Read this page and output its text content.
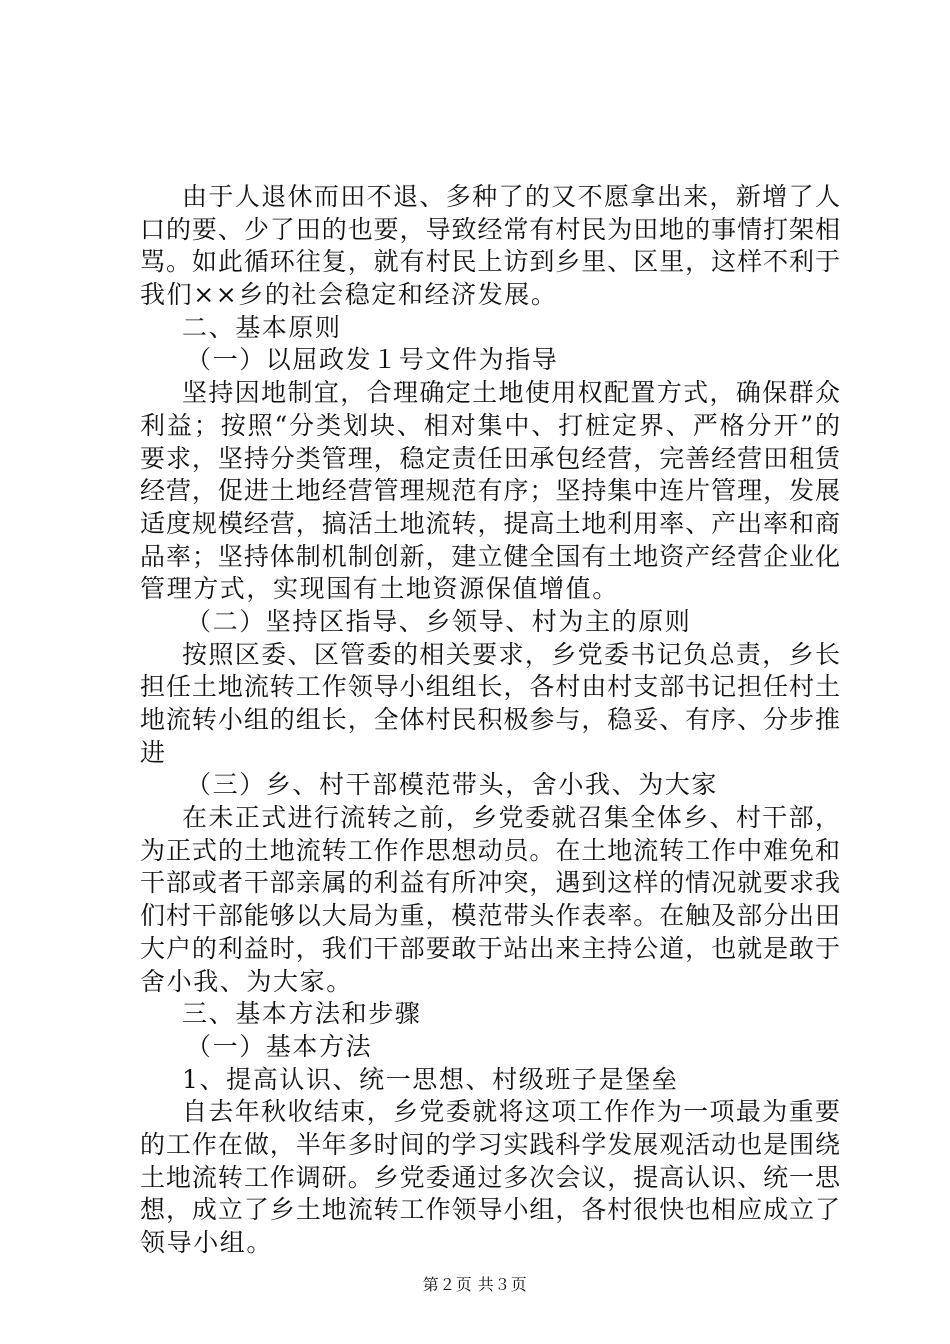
由于人退休而田不退、多种了的又不愿拿出来，新增了人
口的要、少了田的也要，导致经常有村民为田地的事情打架相
骂。如此循环往复，就有村民上访到乡里、区里，这样不利于
我们××乡的社会稳定和经济发展。
二、基本原则
（一）以屈政发１号文件为指导
坚持因地制宜，合理确定土地使用权配置方式，确保群众
利益；按照“分类划块、相对集中、打桩定界、严格分开”的
要求，坚持分类管理，稳定责任田承包经营，完善经营田租赁
经营，促进土地经营管理规范有序；坚持集中连片管理，发展
适度规模经营，搞活土地流转，提高土地利用率、产出率和商
品率；坚持体制机制创新，建立健全国有土地资产经营企业化
管理方式，实现国有土地资源保值增值。
（二）坚持区指导、乡领导、村为主的原则
按照区委、区管委的相关要求，乡党委书记负总责，乡长
担任土地流转工作领导小组组长，各村由村支部书记担任村土
地流转小组的组长，全体村民积极参与，稳妥、有序、分步推
进
（三）乡、村干部模范带头，舍小我、为大家
在未正式进行流转之前，乡党委就召集全体乡、村干部，
为正式的土地流转工作作思想动员。在土地流转工作中难免和
干部或者干部亲属的利益有所冲突，遇到这样的情况就要求我
们村干部能够以大局为重，模范带头作表率。在触及部分出田
大户的利益时，我们干部要敢于站出来主持公道，也就是敢于
舍小我、为大家。
三、基本方法和步骤
（一）基本方法
1、提高认识、统一思想、村级班子是堡垒
自去年秋收结束，乡党委就将这项工作作为一项最为重要
的工作在做，半年多时间的学习实践科学发展观活动也是围绕
土地流转工作调研。乡党委通过多次会议，提高认识、统一思
想，成立了乡土地流转工作领导小组，各村很快也相应成立了
领导小组。
第２页 共３页
